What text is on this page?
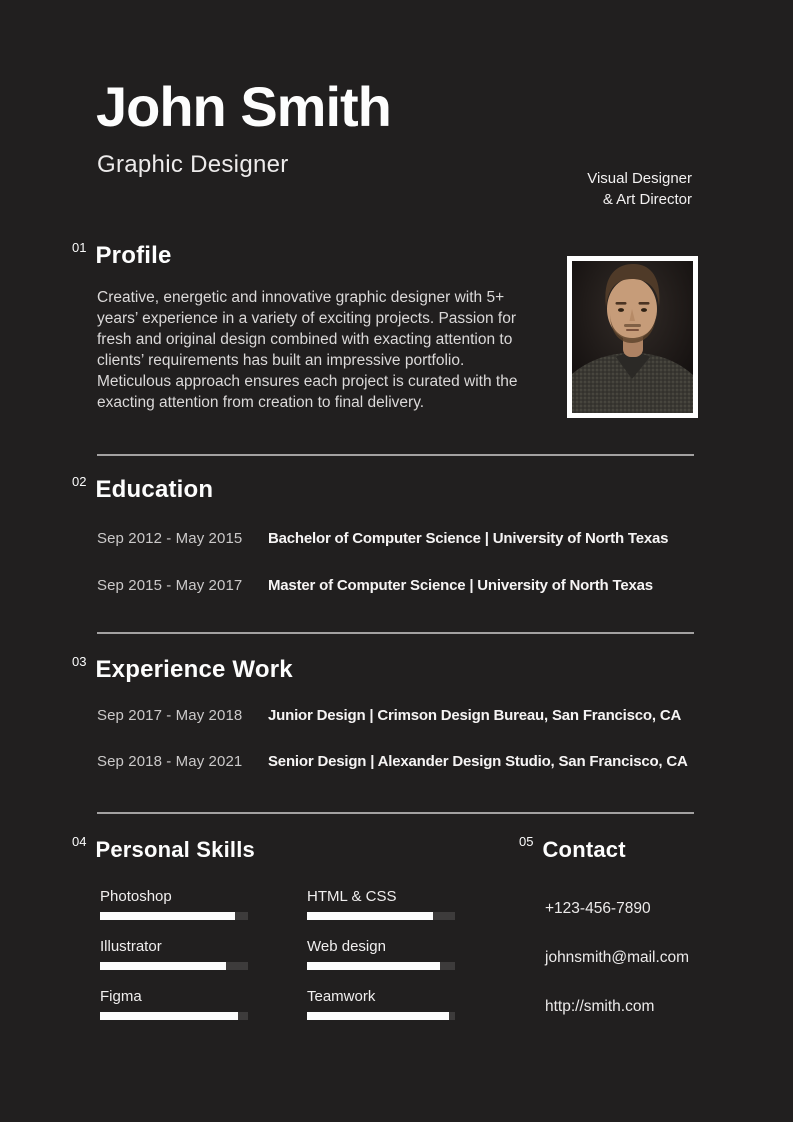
John Smith
Graphic Designer
Visual Designer
& Art Director
$^{01}$ Profile

Creative, energetic and innovative graphic designer with 5+ years’ experience in a variety of exciting projects. Passion for fresh and original design combined with exacting attention to clients’ requirements has built an impressive portfolio. Meticulous approach ensures each project is curated with the exacting attention from creation to final delivery.

$^{02}$ Education
Sep 2012 - May 2015	Bachelor of Computer Science | University of North Texas
Sep 2015 - May 2017	Master of Computer Science | University of North Texas
$^{03}$ Experience Work
Sep 2017 - May 2018	Junior Design | Crimson Design Bureau, San Francisco, CA
Sep 2018 - May 2021	Senior Design | Alexander Design Studio, San Francisco, CA
$^{04}$ Personal Skills
Photoshop
Illustrator
Figma
HTML & CSS
Web design
Teamwork
$^{05}$ Contact
+123-456-7890
johnsmith@mail.com
http://smith.com
